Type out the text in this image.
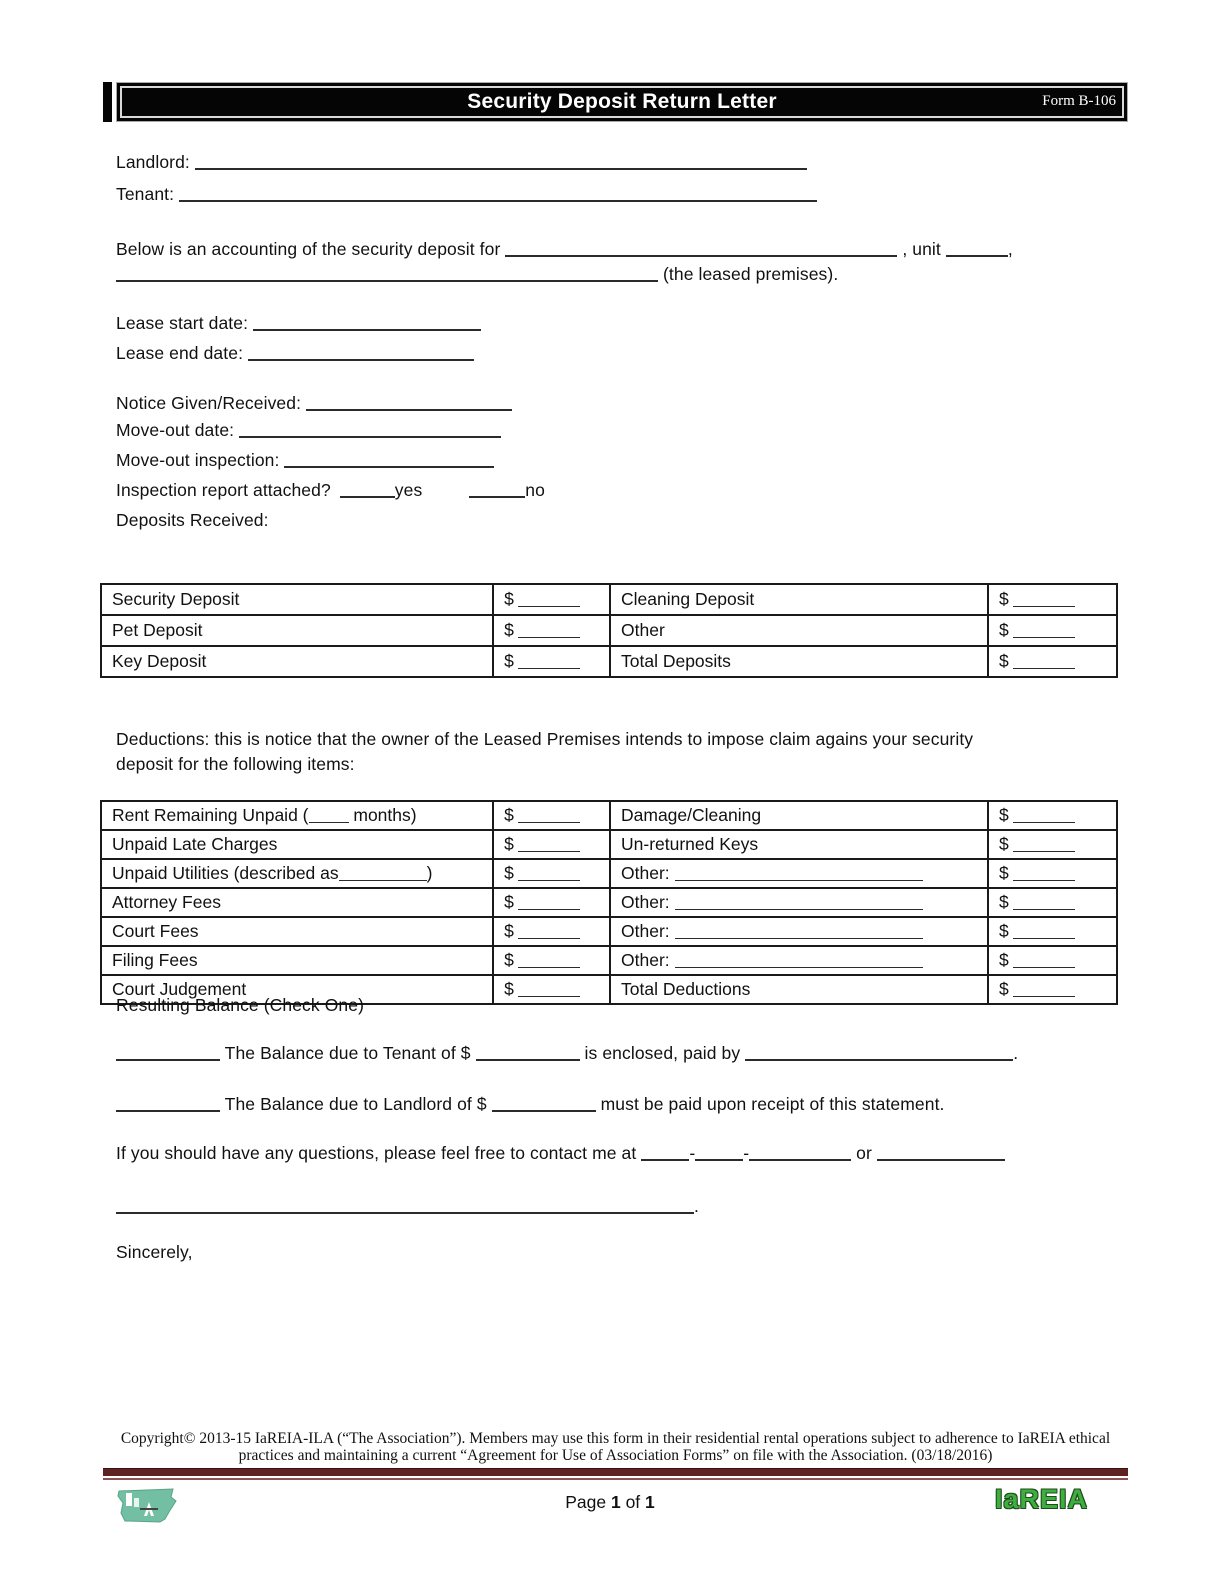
Security Deposit Return Letter	Form B-106
Landlord:
Tenant:
Below is an accounting of the security deposit for	, unit	,
(the leased premises).
Lease start date:
Lease end date:
Notice Given/Received:
Move-out date:
Move-out inspection:
Inspection report attached?	yes	no
Deposits Received:
Security Deposit	$	Cleaning Deposit	$
Pet Deposit	$	Other	$
Key Deposit	$	Total Deposits	$
Deductions: this is notice that the owner of the Leased Premises intends to impose claim agains your security
deposit for the following items:
Rent Remaining Unpaid ( months)	$	Damage/Cleaning	$
Unpaid Late Charges	$	Un-returned Keys	$
Unpaid Utilities (described as )	$	Other:	$
Attorney Fees	$	Other:	$
Court Fees	$	Other:	$
Filing Fees	$	Other:	$
Court Judgement	$	Total Deductions	$
Resulting Balance (Check One)
The Balance due to Tenant of $	is enclosed, paid by	.
The Balance due to Landlord of $	must be paid upon receipt of this statement.
If you should have any questions, please feel free to contact me at	-	-	or
.
Sincerely,
Copyright© 2013-15 IaREIA-ILA (“The Association”). Members may use this form in their residential rental operations subject to adherence to IaREIA ethical
practices and maintaining a current “Agreement for Use of Association Forms” on file with the Association. (03/18/2016)
Page 1 of 1	IaREIA
